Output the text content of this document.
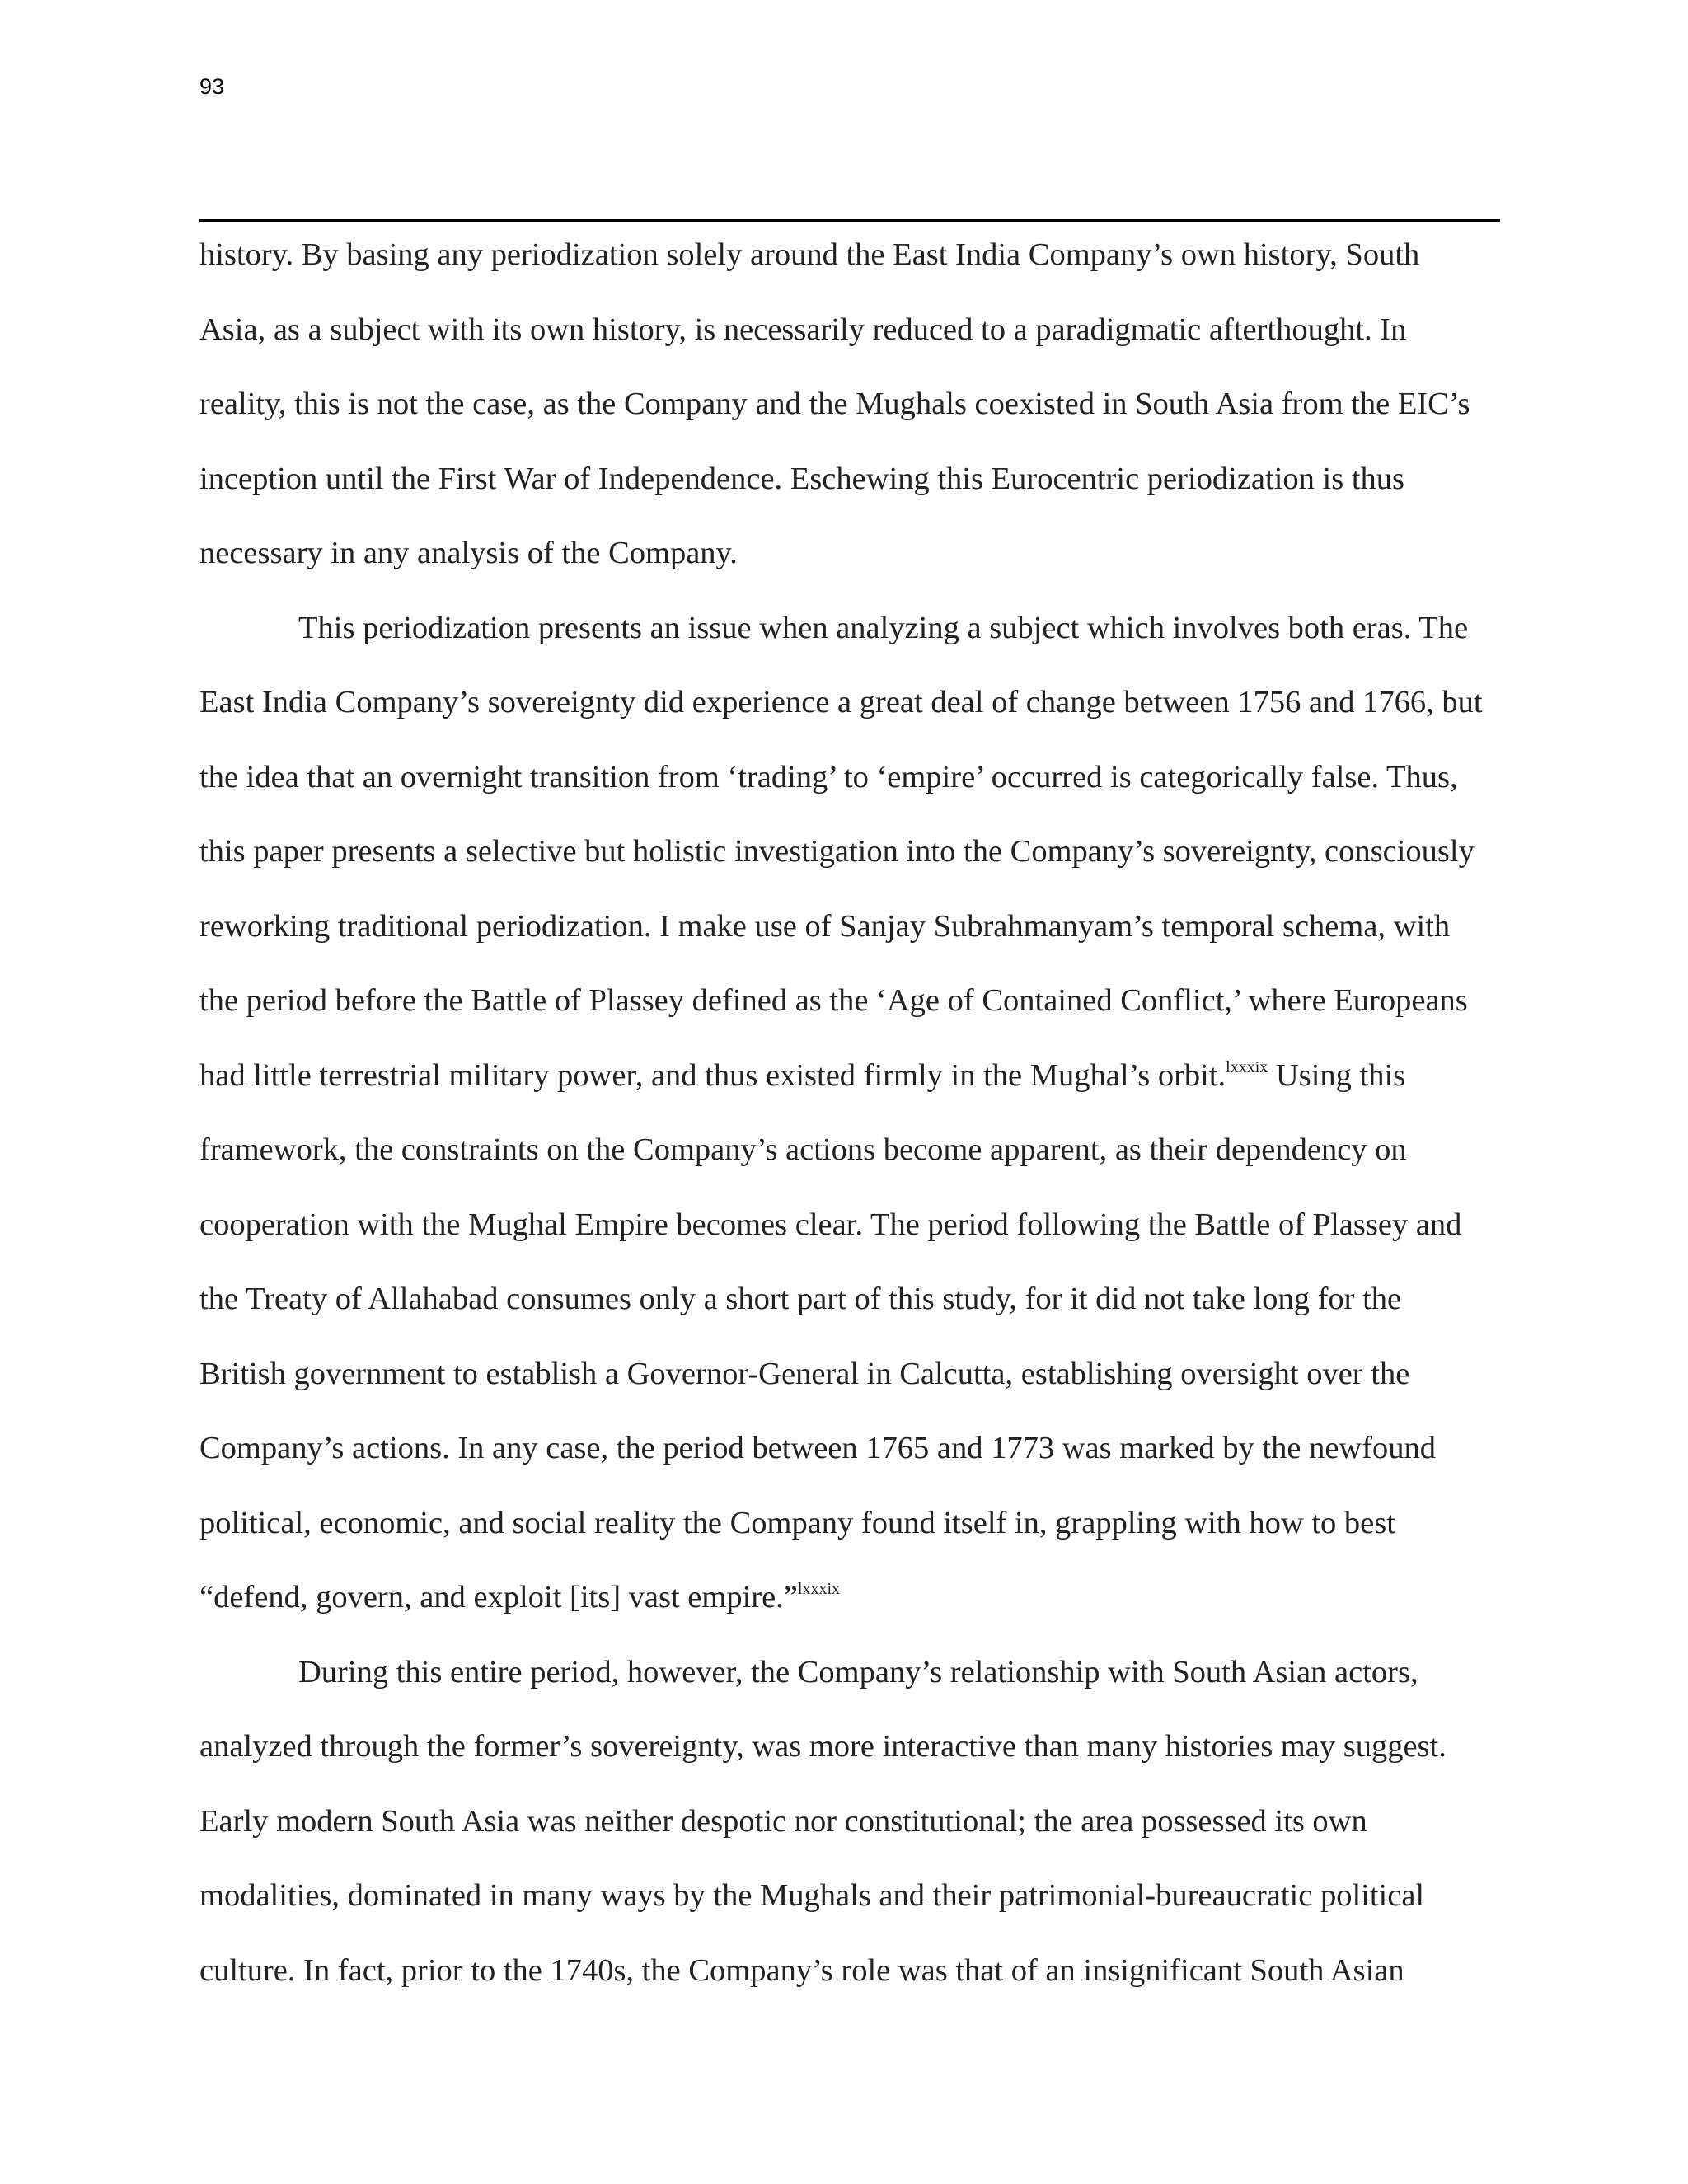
93
history. By basing any periodization solely around the East India Company’s own history, South
Asia, as a subject with its own history, is necessarily reduced to a paradigmatic afterthought. In
reality, this is not the case, as the Company and the Mughals coexisted in South Asia from the EIC’s
inception until the First War of Independence. Eschewing this Eurocentric periodization is thus
necessary in any analysis of the Company.
This periodization presents an issue when analyzing a subject which involves both eras. The
East India Company’s sovereignty did experience a great deal of change between 1756 and 1766, but
the idea that an overnight transition from ‘trading’ to ‘empire’ occurred is categorically false. Thus,
this paper presents a selective but holistic investigation into the Company’s sovereignty, consciously
reworking traditional periodization. I make use of Sanjay Subrahmanyam’s temporal schema, with
the period before the Battle of Plassey defined as the ‘Age of Contained Conflict,’ where Europeans
had little terrestrial military power, and thus existed firmly in the Mughal’s orbit.$^{lxxxix}$ Using this
framework, the constraints on the Company’s actions become apparent, as their dependency on
cooperation with the Mughal Empire becomes clear. The period following the Battle of Plassey and
the Treaty of Allahabad consumes only a short part of this study, for it did not take long for the
British government to establish a Governor-General in Calcutta, establishing oversight over the
Company’s actions. In any case, the period between 1765 and 1773 was marked by the newfound
political, economic, and social reality the Company found itself in, grappling with how to best
“defend, govern, and exploit [its] vast empire.”$^{lxxxix}$
During this entire period, however, the Company’s relationship with South Asian actors,
analyzed through the former’s sovereignty, was more interactive than many histories may suggest.
Early modern South Asia was neither despotic nor constitutional; the area possessed its own
modalities, dominated in many ways by the Mughals and their patrimonial-bureaucratic political
culture. In fact, prior to the 1740s, the Company’s role was that of an insignificant South Asian
